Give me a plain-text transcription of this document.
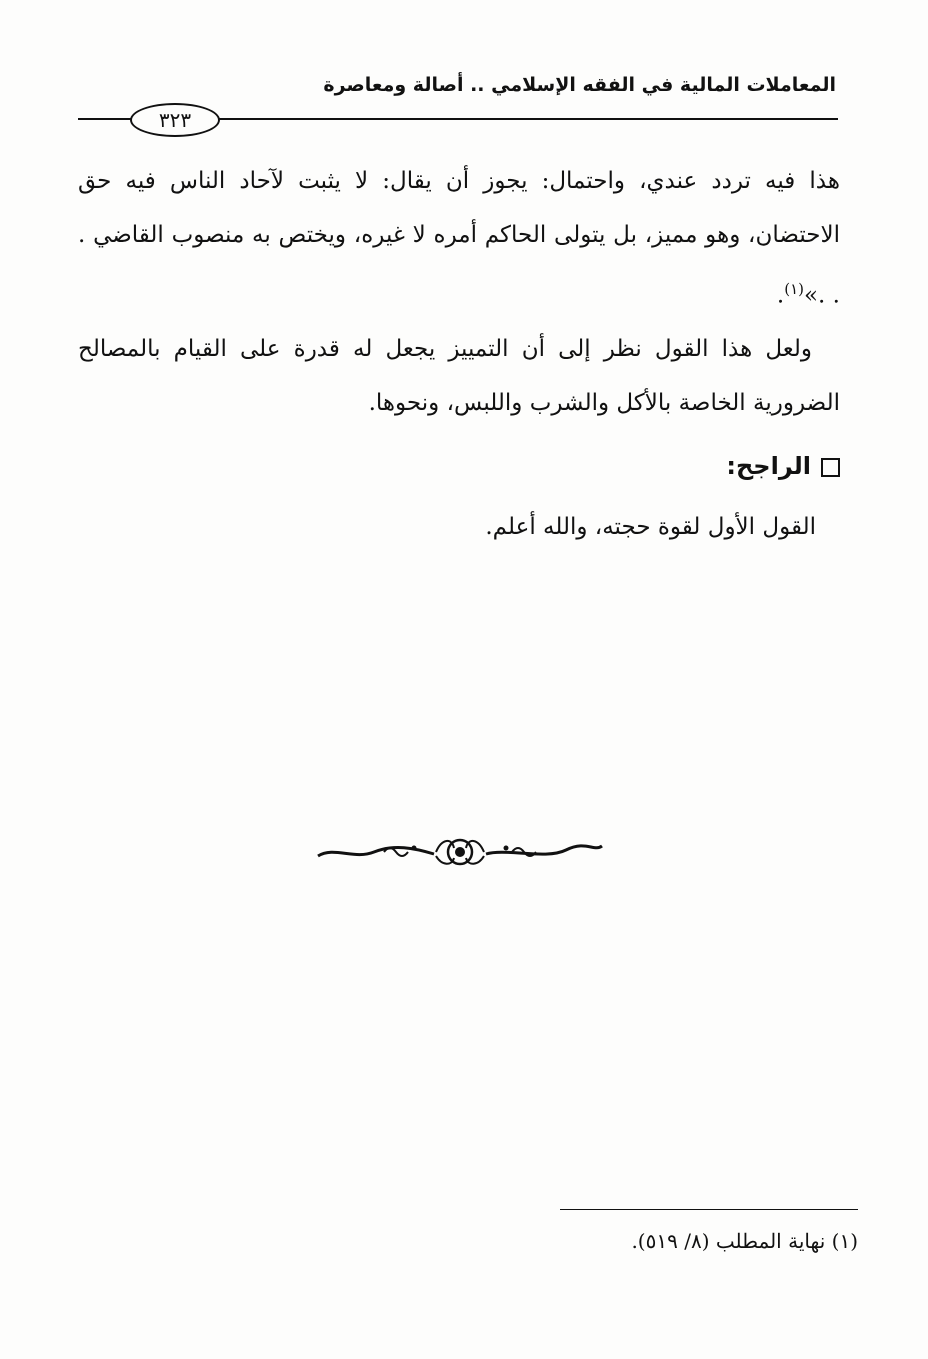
المعاملات المالية في الفقه الإسلامي .. أصالة ومعاصرة
٣٢٣

هذا فيه تردد عندي، واحتمال: يجوز أن يقال: لا يثبت لآحاد الناس فيه حق الاحتضان، وهو مميز، بل يتولى الحاكم أمره لا غيره، ويختص به منصوب القاضي . . .»$^{(١)}$.

ولعل هذا القول نظر إلى أن التمييز يجعل له قدرة على القيام بالمصالح الضرورية الخاصة بالأكل والشرب واللبس، ونحوها.

الراجح:

القول الأول لقوة حجته، والله أعلم.

(١) نهاية المطلب (٨/ ٥١٩).
